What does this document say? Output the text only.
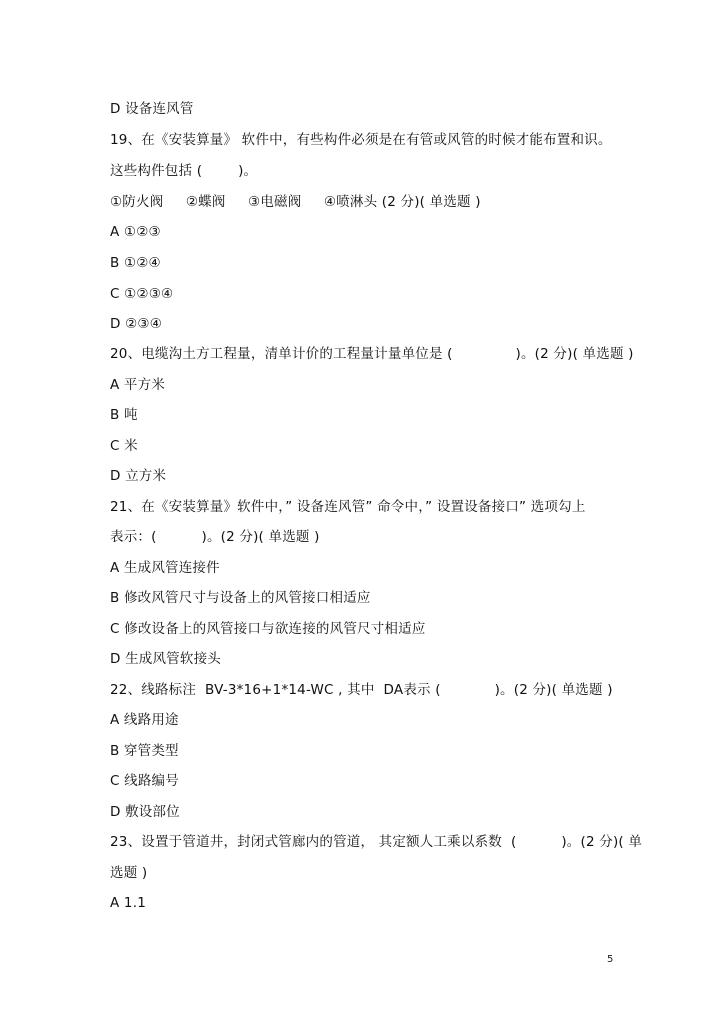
D 设备连风管
19、在《安装算量》 软件中，有些构件必须是在有管或风管的时候才能布置和识。
这些构件包括 (        )。
①防火阀     ②蝶阀     ③电磁阀     ④喷淋头 (2 分)( 单选题 )
A ①②③
B ①②④
C ①②③④
D ②③④
20、电缆沟土方工程量，清单计价的工程量计量单位是 (              )。(2 分)( 单选题 )
A 平方米
B 吨
C 米
D 立方米
21、在《安装算量》软件中，” 设备连风管” 命令中，” 设置设备接口” 选项勾上
表示：(          )。(2 分)( 单选题 )
A 生成风管连接件
B 修改风管尺寸与设备上的风管接口相适应
C 修改设备上的风管接口与欲连接的风管尺寸相适应
D 生成风管软接头
22、线路标注  BV-3*16+1*14-WC , 其中  DA表示 (            )。(2 分)( 单选题 )
A 线路用途
B 穿管类型
C 线路编号
D 敷设部位
23、设置于管道井，封闭式管廊内的管道， 其定额人工乘以系数  (          )。(2 分)( 单
选题 )
A 1.1
5
